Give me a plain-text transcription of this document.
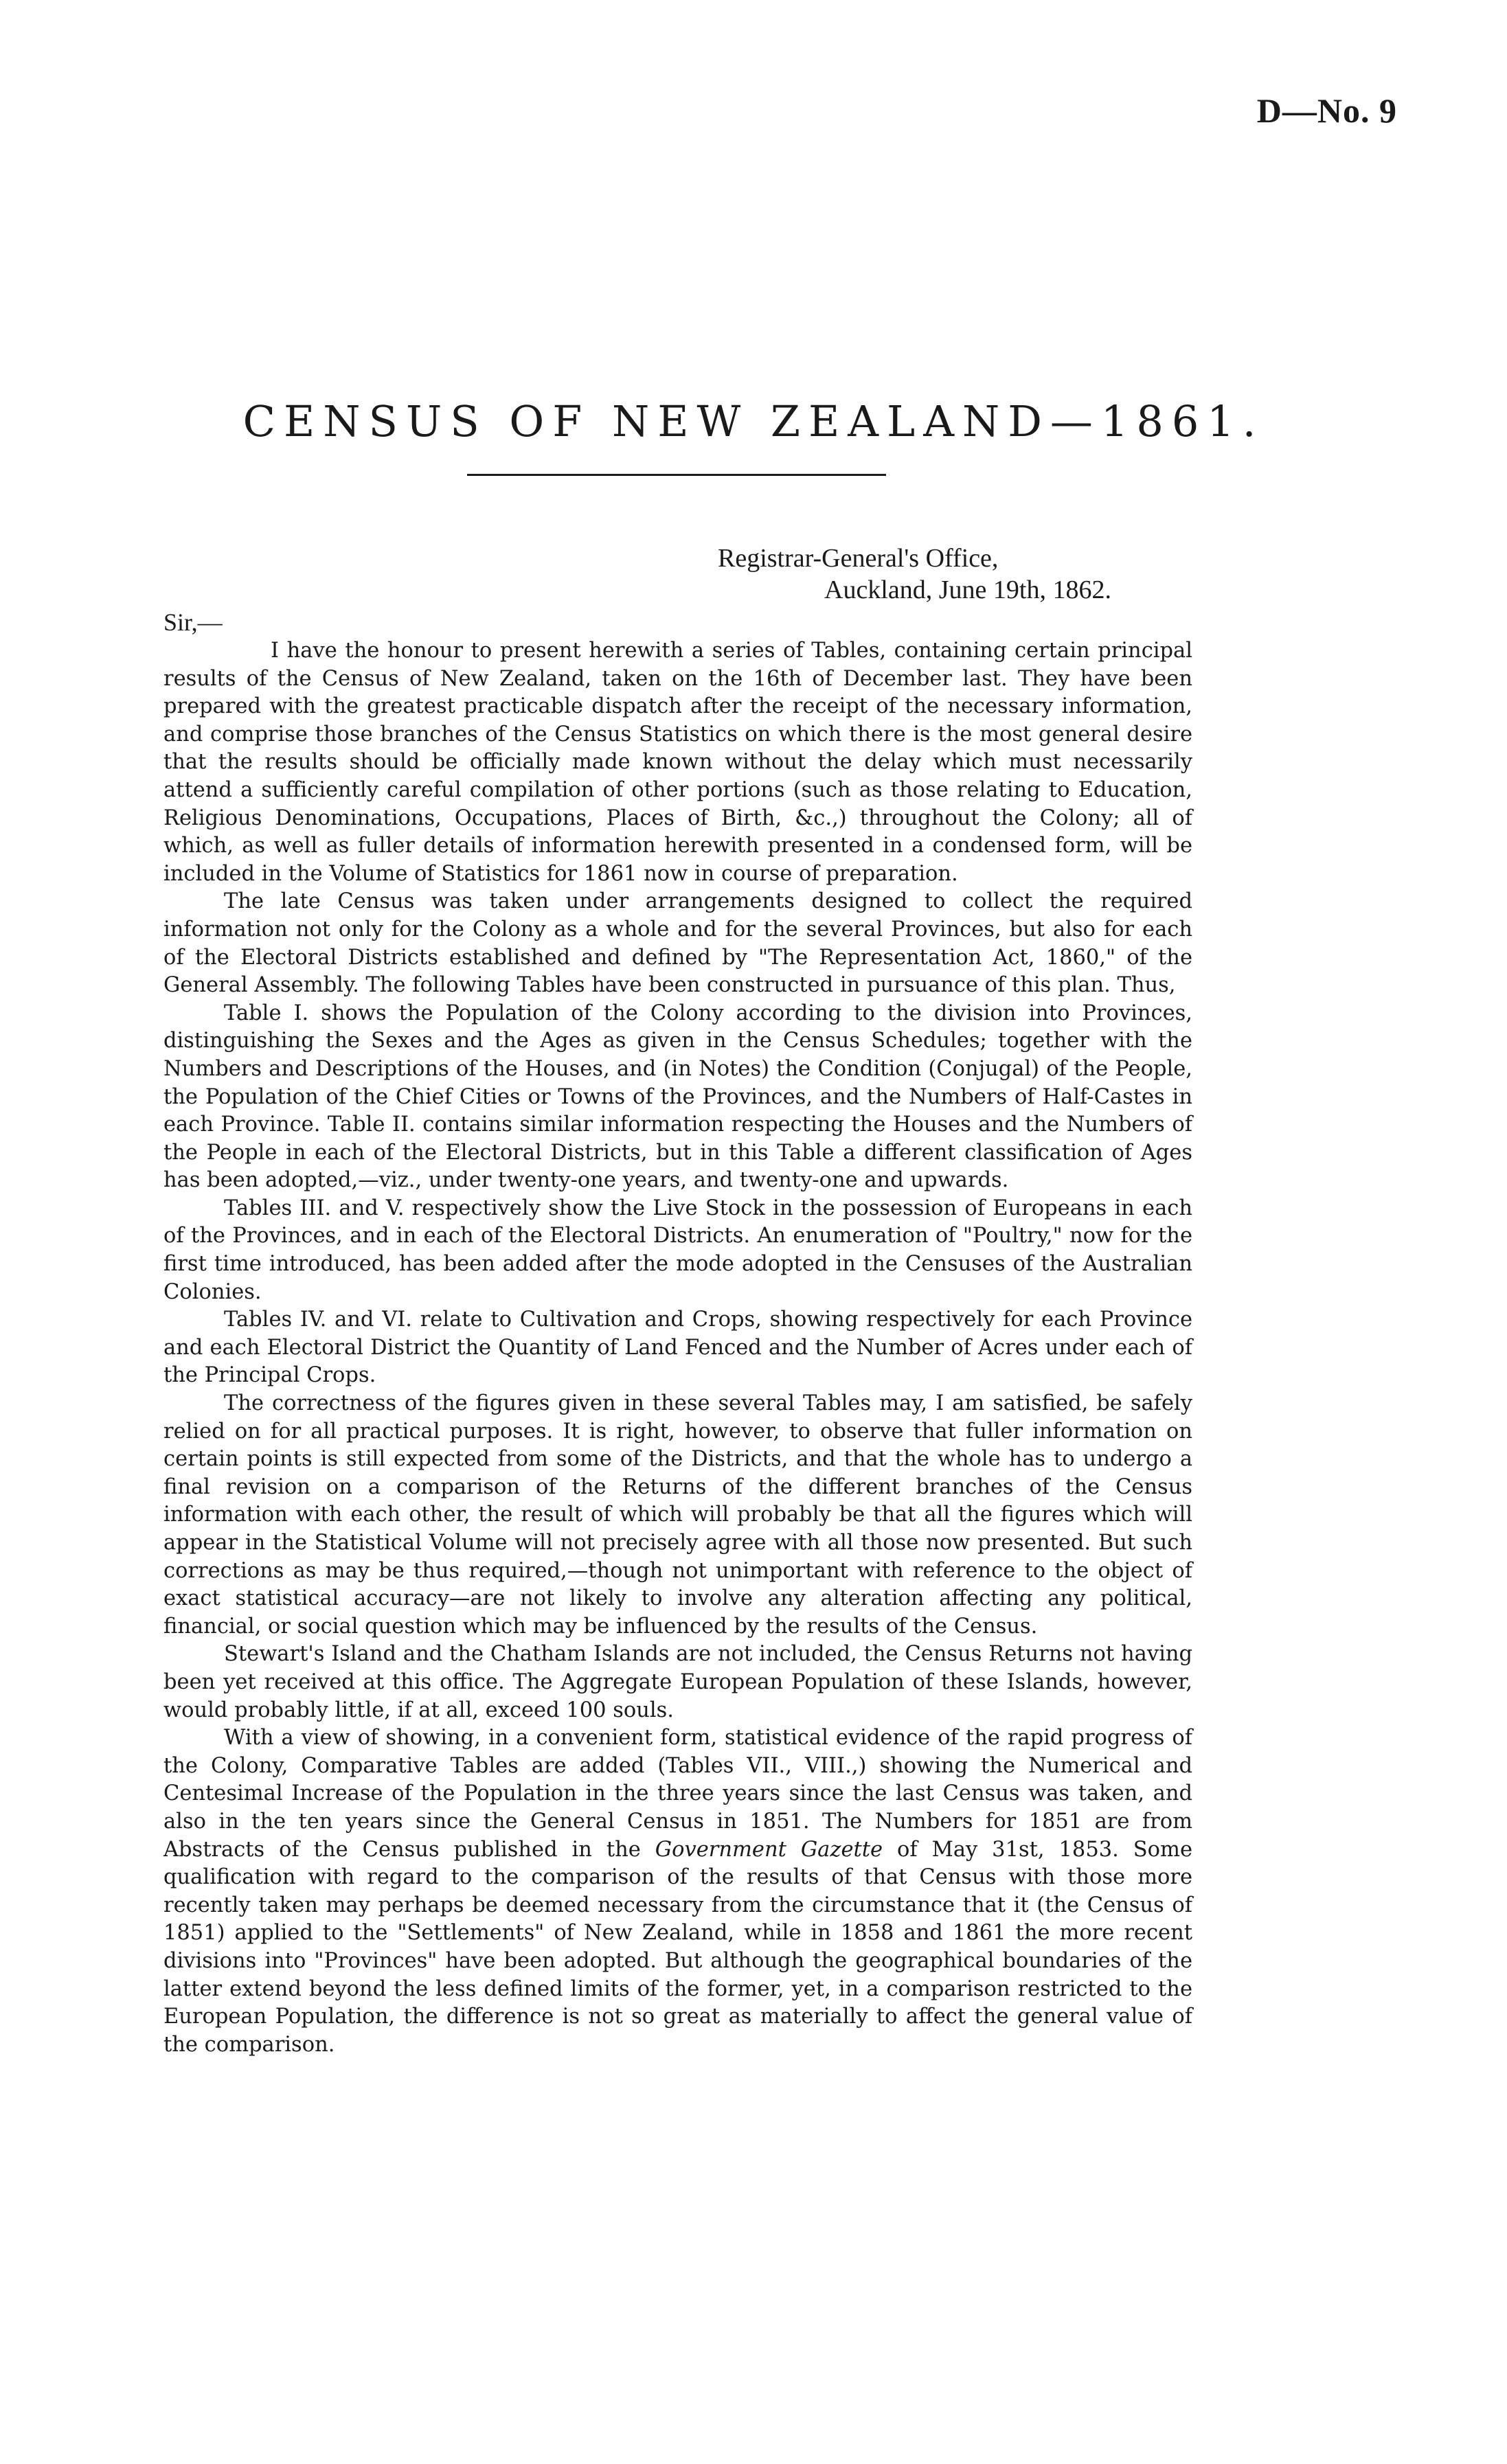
D—No. 9
CENSUS OF NEW ZEALAND—1861.
Registrar-General's Office,
Auckland, June 19th, 1862.
Sir,—

I have the honour to present herewith a series of Tables, containing certain principal results of the Census of New Zealand, taken on the 16th of December last. They have been prepared with the greatest practicable dispatch after the receipt of the necessary information, and comprise those branches of the Census Statistics on which there is the most general desire that the results should be officially made known without the delay which must necessarily attend a sufficiently careful compilation of other portions (such as those relating to Education, Religious Denominations, Occupations, Places of Birth, &c.,) throughout the Colony; all of which, as well as fuller details of information herewith presented in a condensed form, will be included in the Volume of Statistics for 1861 now in course of preparation.

The late Census was taken under arrangements designed to collect the required information not only for the Colony as a whole and for the several Provinces, but also for each of the Electoral Districts established and defined by "The Representation Act, 1860," of the General Assembly. The following Tables have been constructed in pursuance of this plan. Thus,

Table I. shows the Population of the Colony according to the division into Provinces, distinguishing the Sexes and the Ages as given in the Census Schedules; together with the Numbers and Descriptions of the Houses, and (in Notes) the Condition (Conjugal) of the People, the Population of the Chief Cities or Towns of the Provinces, and the Numbers of Half-Castes in each Province. Table II. contains similar information respecting the Houses and the Numbers of the People in each of the Electoral Districts, but in this Table a different classification of Ages has been adopted,—viz., under twenty-one years, and twenty-one and upwards.

Tables III. and V. respectively show the Live Stock in the possession of Europeans in each of the Provinces, and in each of the Electoral Districts. An enumeration of "Poultry," now for the first time introduced, has been added after the mode adopted in the Censuses of the Australian Colonies.

Tables IV. and VI. relate to Cultivation and Crops, showing respectively for each Province and each Electoral District the Quantity of Land Fenced and the Number of Acres under each of the Principal Crops.

The correctness of the figures given in these several Tables may, I am satisfied, be safely relied on for all practical purposes. It is right, however, to observe that fuller information on certain points is still expected from some of the Districts, and that the whole has to undergo a final revision on a comparison of the Returns of the different branches of the Census information with each other, the result of which will probably be that all the figures which will appear in the Statistical Volume will not precisely agree with all those now presented. But such corrections as may be thus required,—though not unimportant with reference to the object of exact statistical accuracy—are not likely to involve any alteration affecting any political, financial, or social question which may be influenced by the results of the Census.

Stewart's Island and the Chatham Islands are not included, the Census Returns not having been yet received at this office. The Aggregate European Population of these Islands, however, would probably little, if at all, exceed 100 souls.

With a view of showing, in a convenient form, statistical evidence of the rapid progress of the Colony, Comparative Tables are added (Tables VII., VIII.,) showing the Numerical and Centesimal Increase of the Population in the three years since the last Census was taken, and also in the ten years since the General Census in 1851. The Numbers for 1851 are from Abstracts of the Census published in the Government Gazette of May 31st, 1853. Some qualification with regard to the comparison of the results of that Census with those more recently taken may perhaps be deemed necessary from the circumstance that it (the Census of 1851) applied to the "Settlements" of New Zealand, while in 1858 and 1861 the more recent divisions into "Provinces" have been adopted. But although the geographical boundaries of the latter extend beyond the less defined limits of the former, yet, in a comparison restricted to the European Population, the difference is not so great as materially to affect the general value of the comparison.
